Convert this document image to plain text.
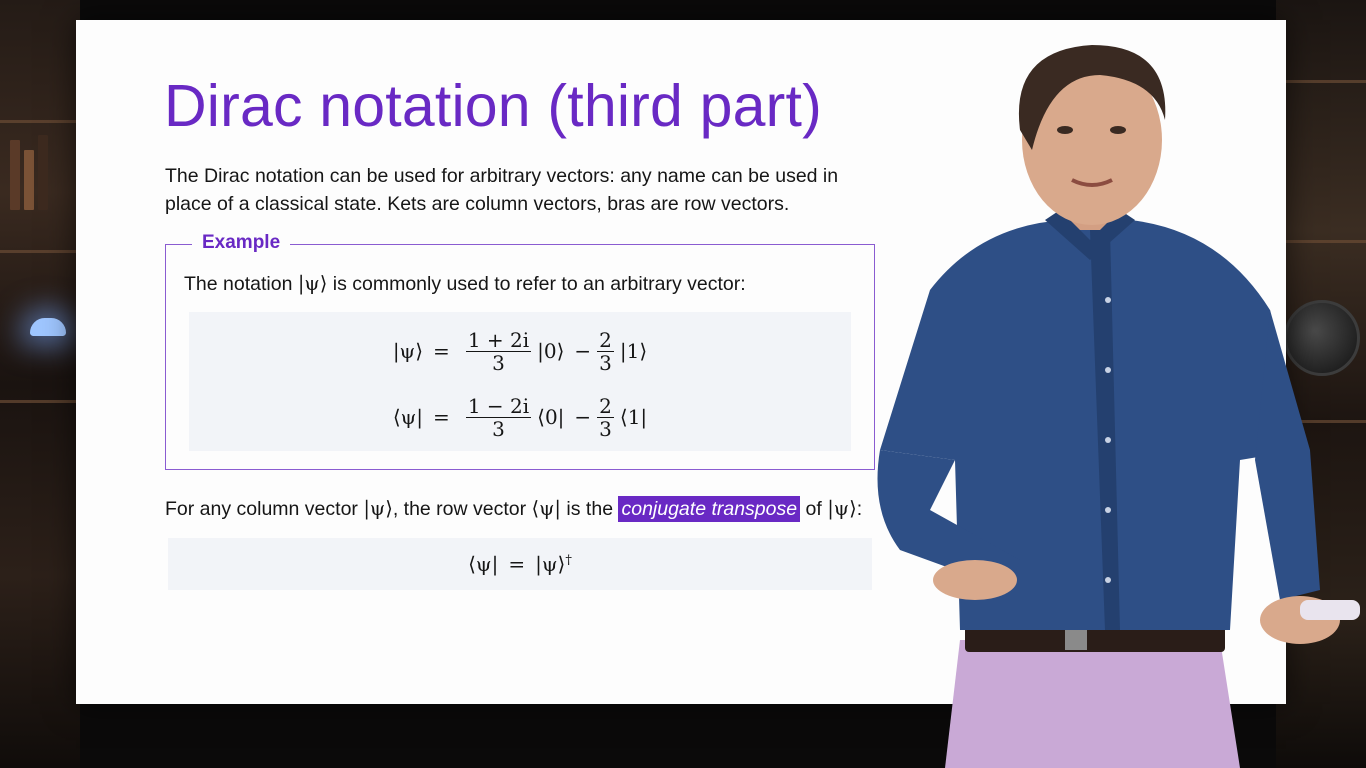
Dirac notation (third part)

The Dirac notation can be used for arbitrary vectors: any name can be used in place of a classical state. Kets are column vectors, bras are row vectors.

Example

The notation |ψ⟩ is commonly used to refer to an arbitrary vector:

|ψ⟩ = $\frac{1 + 2i}{3}$ |0⟩ − $\frac{2}{3}$ |1⟩
⟨ψ| = $\frac{1 - 2i}{3}$ ⟨0| − $\frac{2}{3}$ ⟨1|

For any column vector |ψ⟩, the row vector ⟨ψ| is the conjugate transpose of |ψ⟩:

⟨ψ| = |ψ⟩†
